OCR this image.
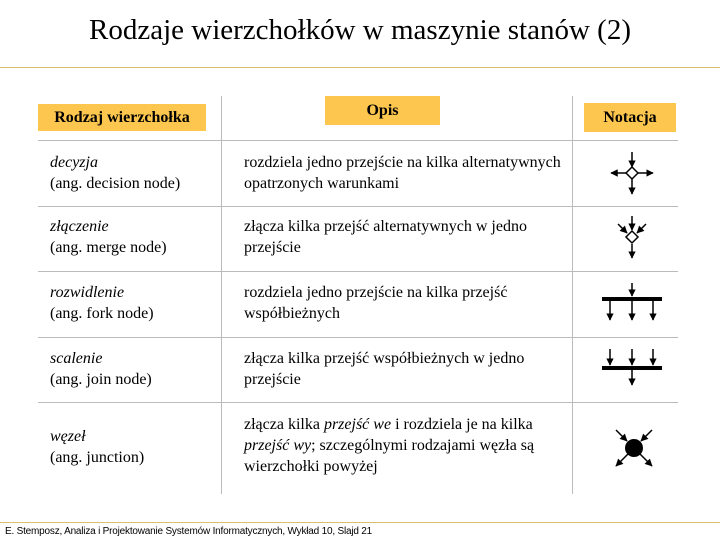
Rodzaje wierzchołków w maszynie stanów (2)
Rodzaj wierzchołka	Opis	Notacja
decyzja
(ang. decision node)
rozdziela jedno przejście na kilka alternatywnych opatrzonych warunkami
złączenie
(ang. merge node)
złącza kilka przejść alternatywnych w jedno przejście
rozwidlenie
(ang. fork node)
rozdziela jedno przejście na kilka przejść współbieżnych
scalenie
(ang. join node)
złącza kilka przejść współbieżnych w jedno przejście
węzeł
(ang. junction)
złącza kilka przejść we i rozdziela je na kilka przejść wy; szczególnymi rodzajami węzła są wierzchołki powyżej
E. Stemposz, Analiza i Projektowanie Systemów Informatycznych, Wykład 10, Slajd 21
